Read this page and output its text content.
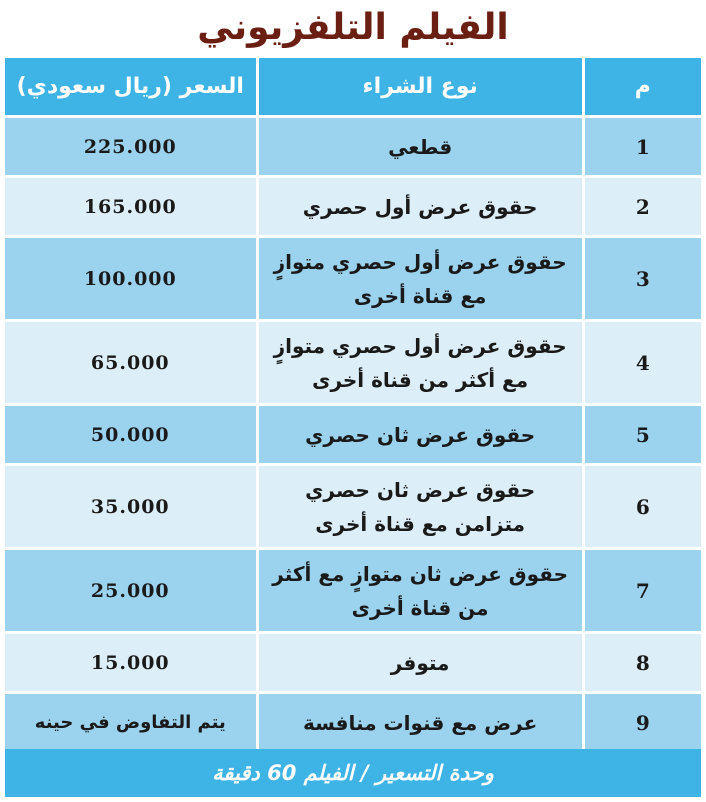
الفيلم التلفزيوني
م
نوع الشراء
السعر (ريال سعودي)
1
قطعي
225.000
2
حقوق عرض أول حصري
165.000
3
حقوق عرض أول حصري متوازٍ
مع قناة أخرى
100.000
4
حقوق عرض أول حصري متوازٍ
مع أكثر من قناة أخرى
65.000
5
حقوق عرض ثان حصري
50.000
6
حقوق عرض ثان حصري
متزامن مع قناة أخرى
35.000
7
حقوق عرض ثان متوازٍ مع أكثر
من قناة أخرى
25.000
8
متوفر
15.000
9
عرض مع قنوات منافسة
يتم التفاوض في حينه
وحدة التسعير / الفيلم 60 دقيقة
